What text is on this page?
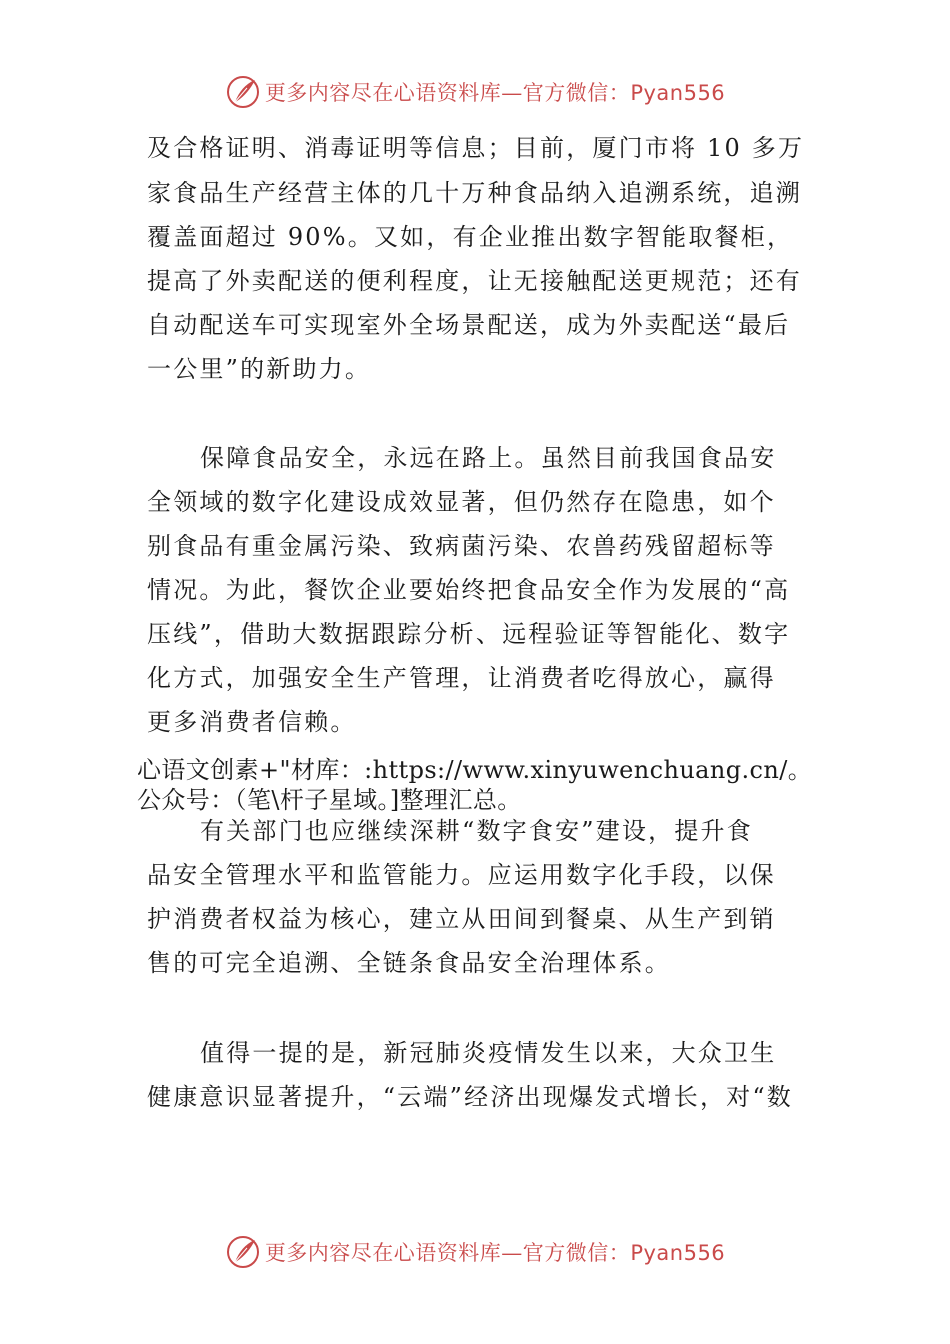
更多内容尽在心语资料库—官方微信：Pyan556
及合格证明、消毒证明等信息；目前，厦门市将 10 多万
家食品生产经营主体的几十万种食品纳入追溯系统，追溯
覆盖面超过 90%。又如，有企业推出数字智能取餐柜，
提高了外卖配送的便利程度，让无接触配送更规范；还有
自动配送车可实现室外全场景配送，成为外卖配送“最后
一公里”的新助力。
保障食品安全，永远在路上。虽然目前我国食品安
全领域的数字化建设成效显著，但仍然存在隐患，如个
别食品有重金属污染、致病菌污染、农兽药残留超标等
情况。为此，餐饮企业要始终把食品安全作为发展的“高
压线”，借助大数据跟踪分析、远程验证等智能化、数字
化方式，加强安全生产管理，让消费者吃得放心，赢得
更多消费者信赖。
心语文创素+"材库：:https://www.xinyuwenchuang.cn/。
公众号：（笔\杆子星域。]整理汇总。
有关部门也应继续深耕“数字食安”建设，提升食
品安全管理水平和监管能力。应运用数字化手段，以保
护消费者权益为核心，建立从田间到餐桌、从生产到销
售的可完全追溯、全链条食品安全治理体系。
值得一提的是，新冠肺炎疫情发生以来，大众卫生
健康意识显著提升，“云端”经济出现爆发式增长，对“数
更多内容尽在心语资料库—官方微信：Pyan556
